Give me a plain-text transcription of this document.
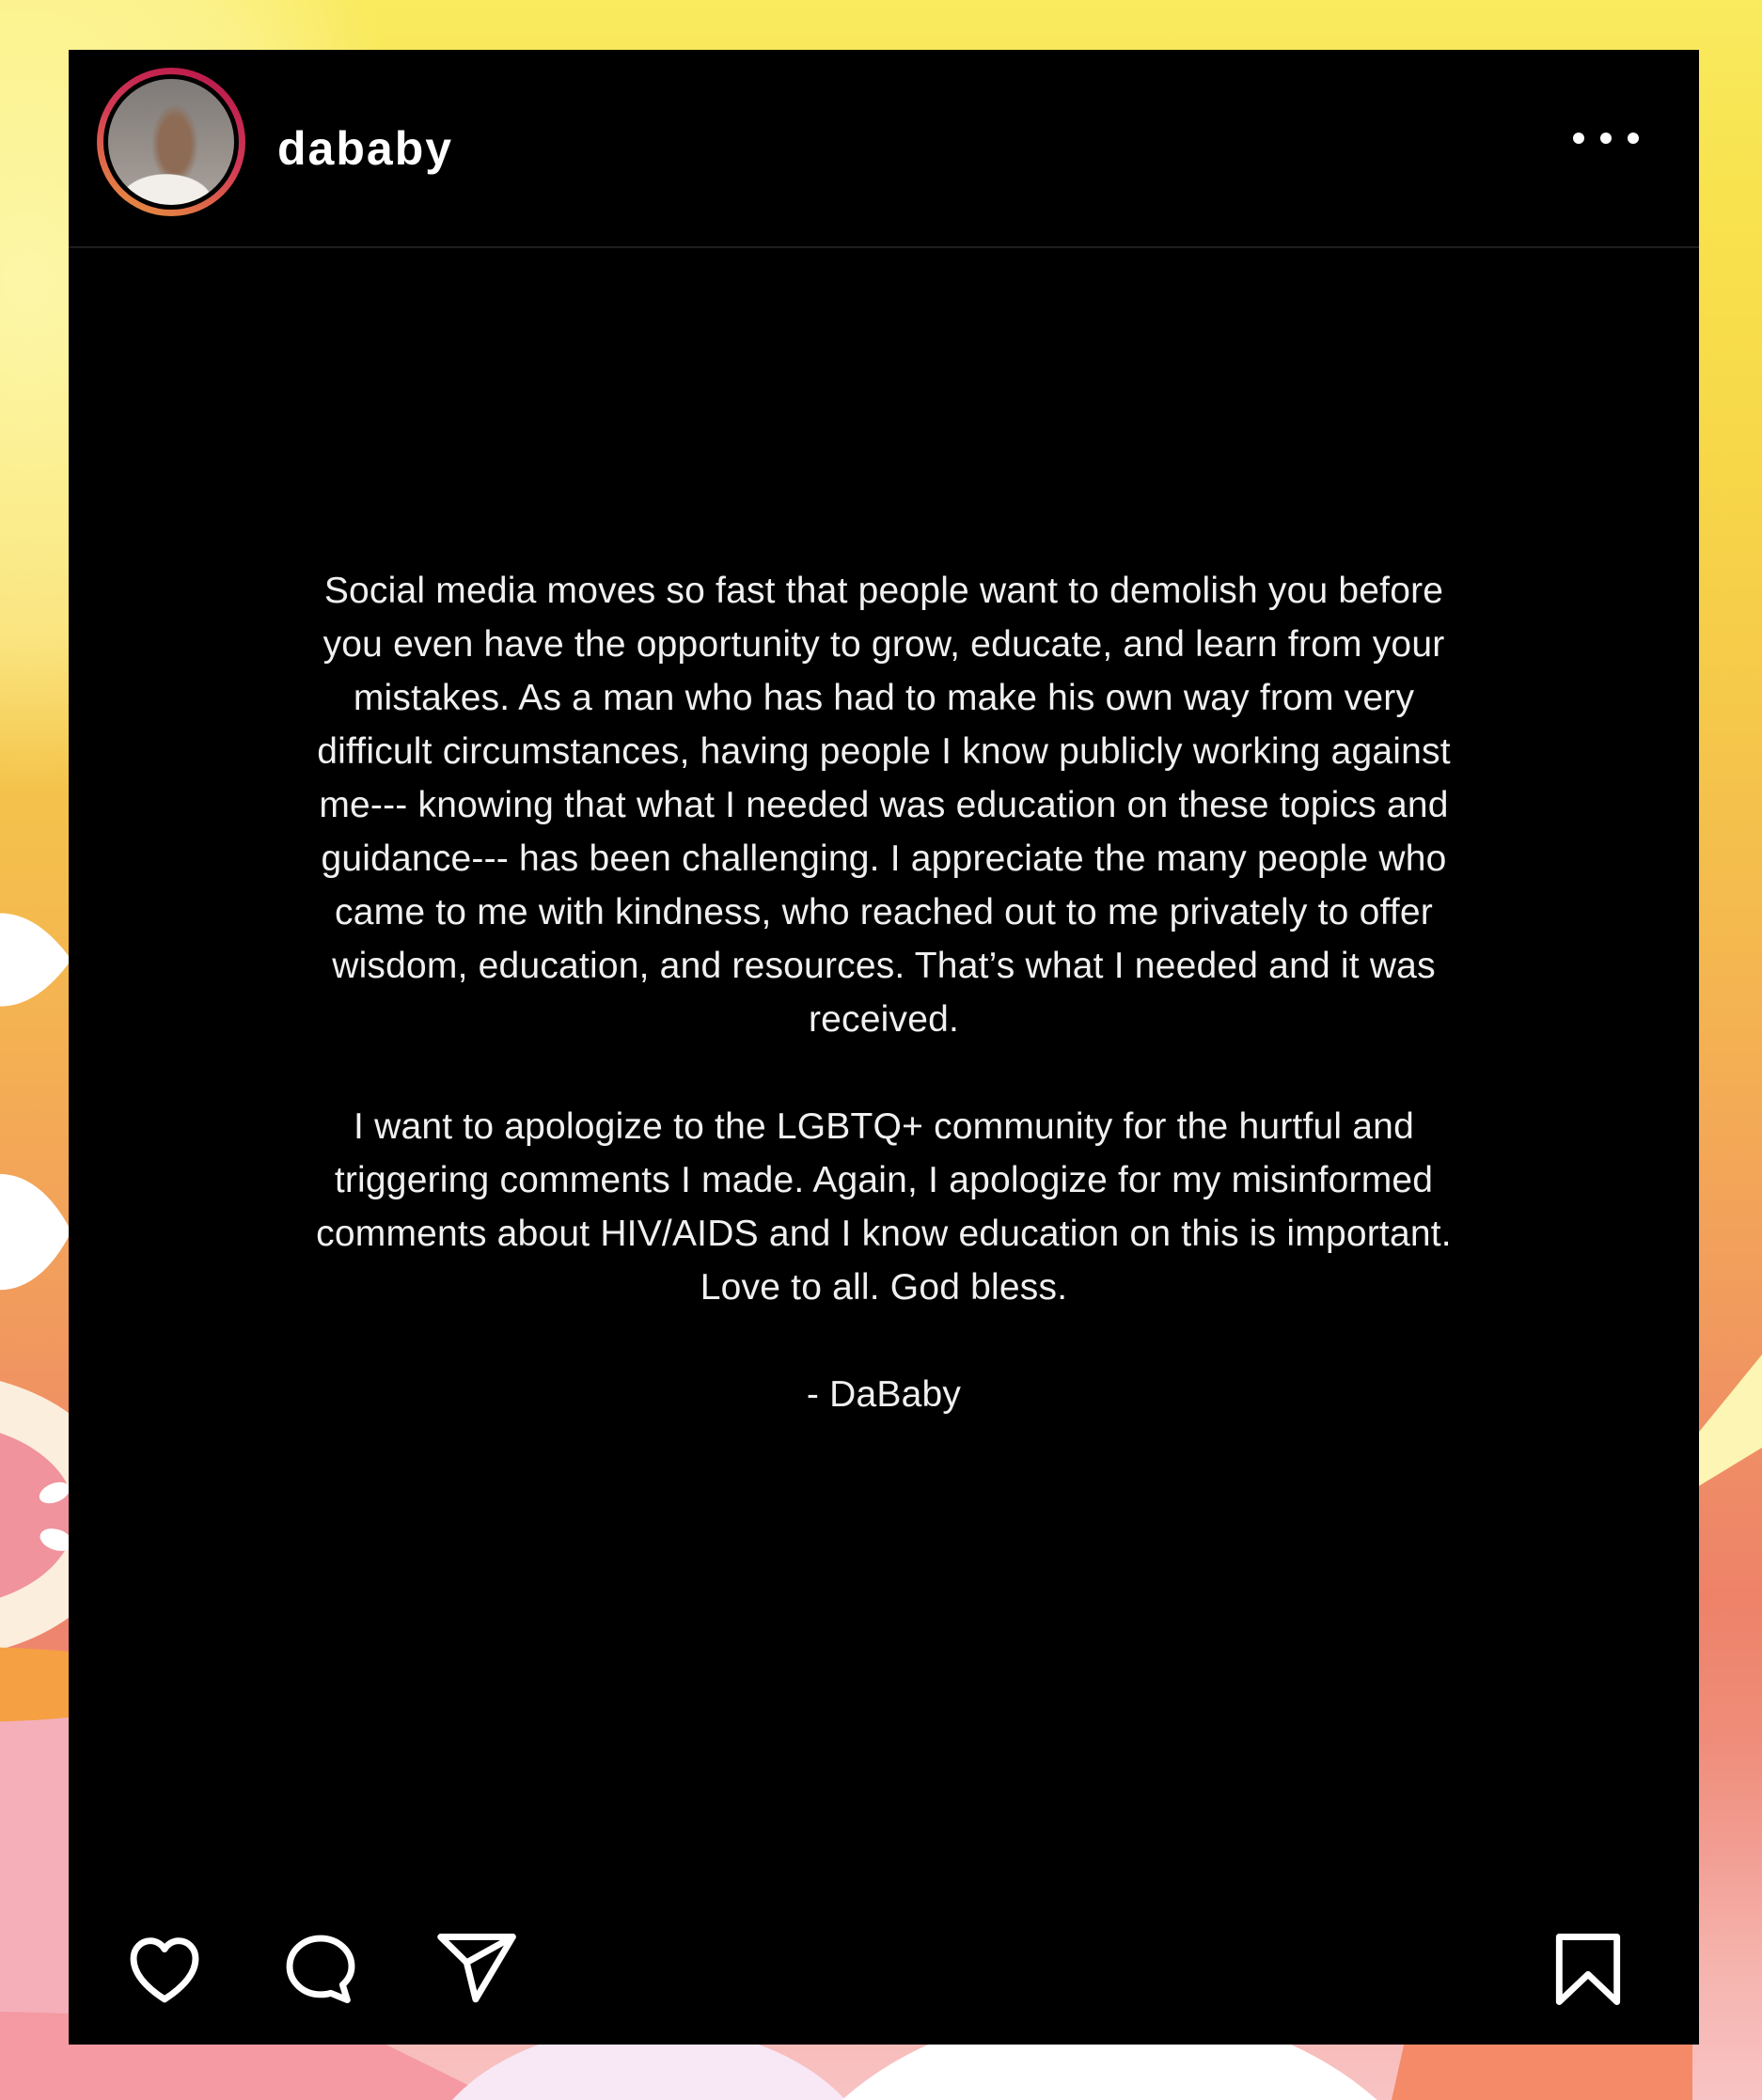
dababy
Social media moves so fast that people want to demolish you before
you even have the opportunity to grow, educate, and learn from your
mistakes. As a man who has had to make his own way from very
difficult circumstances, having people I know publicly working against
me--- knowing that what I needed was education on these topics and
guidance--- has been challenging. I appreciate the many people who
came to me with kindness, who reached out to me privately to offer
wisdom, education, and resources. That’s what I needed and it was
received.
I want to apologize to the LGBTQ+ community for the hurtful and
triggering comments I made. Again, I apologize for my misinformed
comments about HIV/AIDS and I know education on this is important.
Love to all. God bless.
- DaBaby
